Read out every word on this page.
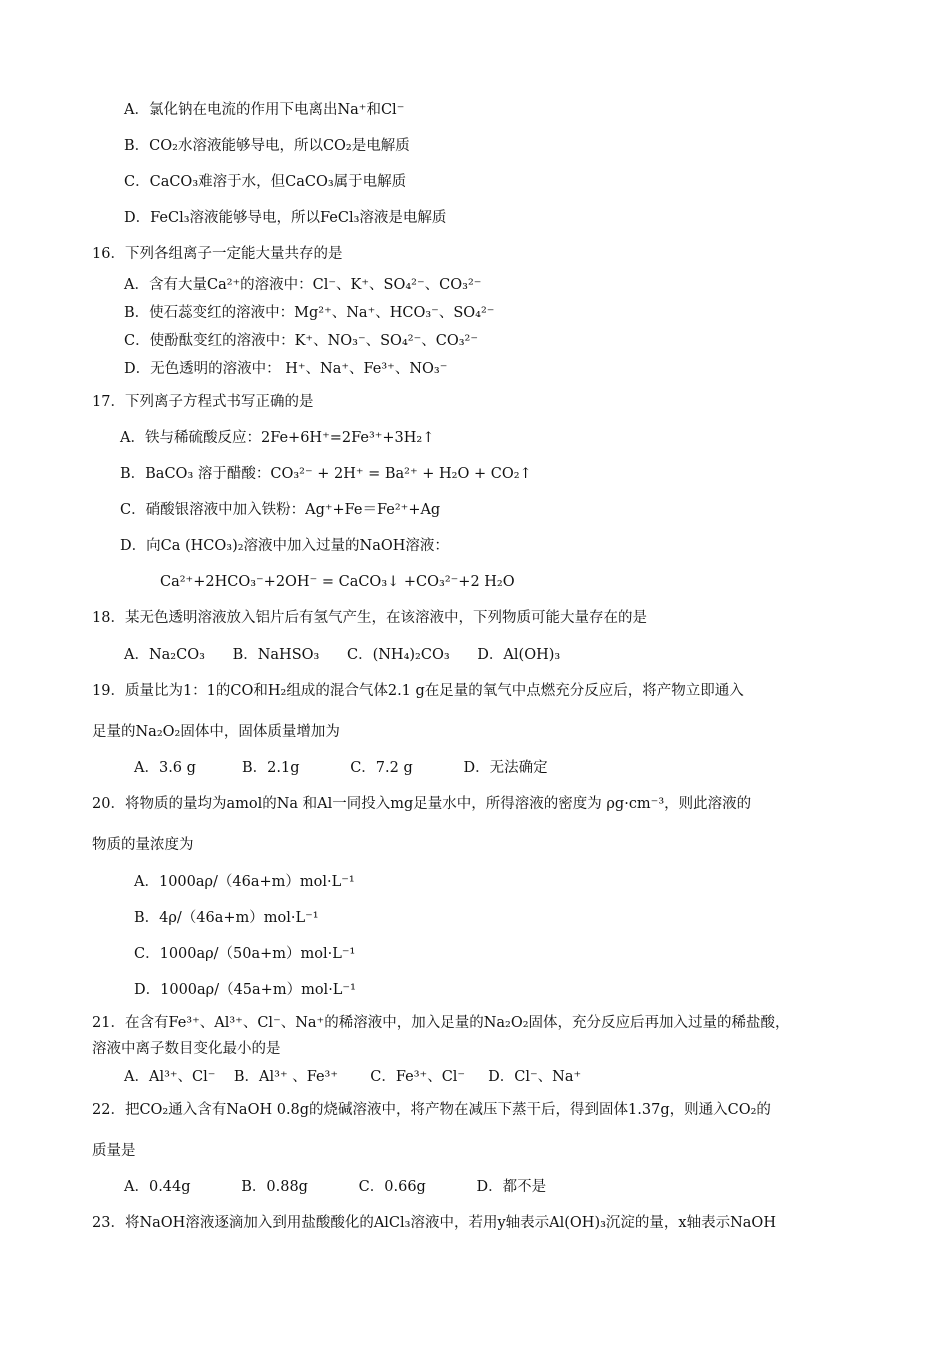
A．氯化钠在电流的作用下电离出Na⁺和Cl⁻
B．CO₂水溶液能够导电，所以CO₂是电解质
C．CaCO₃难溶于水，但CaCO₃属于电解质
D．FeCl₃溶液能够导电，所以FeCl₃溶液是电解质
16．下列各组离子一定能大量共存的是
A．含有大量Ca²⁺的溶液中：Cl⁻、K⁺、SO₄²⁻、CO₃²⁻
B．使石蕊变红的溶液中：Mg²⁺、Na⁺、HCO₃⁻、SO₄²⁻
C．使酚酞变红的溶液中：K⁺、NO₃⁻、SO₄²⁻、CO₃²⁻
D．无色透明的溶液中： H⁺、Na⁺、Fe³⁺、NO₃⁻
17．下列离子方程式书写正确的是
A．铁与稀硫酸反应：2Fe+6H⁺=2Fe³⁺+3H₂↑
B．BaCO₃ 溶于醋酸：CO₃²⁻ + 2H⁺ = Ba²⁺ + H₂O + CO₂↑
C．硝酸银溶液中加入铁粉：Ag⁺+Fe＝Fe²⁺+Ag
D．向Ca (HCO₃)₂溶液中加入过量的NaOH溶液：
Ca²⁺+2HCO₃⁻+2OH⁻ = CaCO₃↓ +CO₃²⁻+2 H₂O
18．某无色透明溶液放入铝片后有氢气产生，在该溶液中，下列物质可能大量存在的是
A．Na₂CO₃      B．NaHSO₃      C．(NH₄)₂CO₃      D．Al(OH)₃
19．质量比为1：1的CO和H₂组成的混合气体2.1 g在足量的氧气中点燃充分反应后，将产物立即通入
足量的Na₂O₂固体中，固体质量增加为
A．3.6 g          B．2.1g           C．7.2 g           D．无法确定
20．将物质的量均为amol的Na 和Al一同投入mg足量水中，所得溶液的密度为 ρg·cm⁻³，则此溶液的
物质的量浓度为
A．1000aρ/（46a+m）mol·L⁻¹
B．4ρ/（46a+m）mol·L⁻¹
C．1000aρ/（50a+m）mol·L⁻¹
D．1000aρ/（45a+m）mol·L⁻¹
21．在含有Fe³⁺、Al³⁺、Cl⁻、Na⁺的稀溶液中，加入足量的Na₂O₂固体，充分反应后再加入过量的稀盐酸，
溶液中离子数目变化最小的是
A．Al³⁺、Cl⁻    B．Al³⁺ 、Fe³⁺       C．Fe³⁺、Cl⁻     D．Cl⁻、Na⁺
22．把CO₂通入含有NaOH 0.8g的烧碱溶液中，将产物在减压下蒸干后，得到固体1.37g，则通入CO₂的
质量是
A．0.44g           B．0.88g           C．0.66g           D．都不是
23．将NaOH溶液逐滴加入到用盐酸酸化的AlCl₃溶液中，若用y轴表示Al(OH)₃沉淀的量，x轴表示NaOH
